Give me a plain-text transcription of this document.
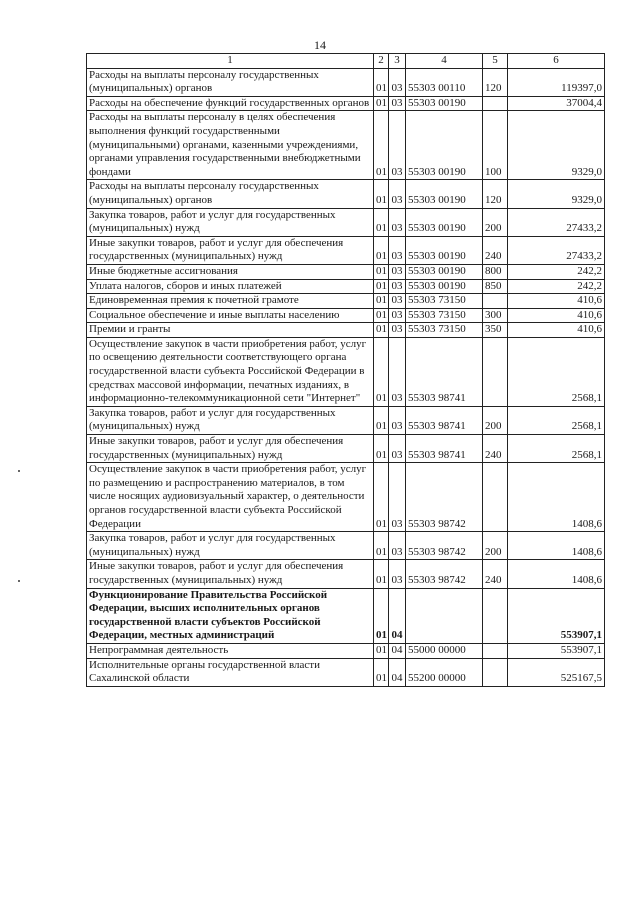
14
1	2	3	4	5	6
Расходы на выплаты персоналу государственных (муниципальных) органов	01	03	55303 00110	120	119397,0
Расходы на обеспечение функций государственных органов	01	03	55303 00190		37004,4
Расходы на выплаты персоналу в целях обеспечения выполнения функций государственными (муниципальными) органами, казенными учреждениями, органами управления государственными внебюджетными фондами	01	03	55303 00190	100	9329,0
Расходы на выплаты персоналу государственных (муниципальных) органов	01	03	55303 00190	120	9329,0
Закупка товаров, работ и услуг для государственных (муниципальных) нужд	01	03	55303 00190	200	27433,2
Иные закупки товаров, работ и услуг для обеспечения государственных (муниципальных) нужд	01	03	55303 00190	240	27433,2
Иные бюджетные ассигнования	01	03	55303 00190	800	242,2
Уплата налогов, сборов и иных платежей	01	03	55303 00190	850	242,2
Единовременная премия к почетной грамоте	01	03	55303 73150		410,6
Социальное обеспечение и иные выплаты населению	01	03	55303 73150	300	410,6
Премии и гранты	01	03	55303 73150	350	410,6
Осуществление закупок в части приобретения работ, услуг по освещению деятельности соответствующего органа государственной власти субъекта Российской Федерации в средствах массовой информации, печатных изданиях, в информационно-телекоммуникационной сети "Интернет"	01	03	55303 98741		2568,1
Закупка товаров, работ и услуг для государственных (муниципальных) нужд	01	03	55303 98741	200	2568,1
Иные закупки товаров, работ и услуг для обеспечения государственных (муниципальных) нужд	01	03	55303 98741	240	2568,1
Осуществление закупок в части приобретения работ, услуг по размещению и распространению материалов, в том числе носящих аудиовизуальный характер, о деятельности органов государственной власти субъекта Российской Федерации	01	03	55303 98742		1408,6
Закупка товаров, работ и услуг для государственных (муниципальных) нужд	01	03	55303 98742	200	1408,6
Иные закупки товаров, работ и услуг для обеспечения государственных (муниципальных) нужд	01	03	55303 98742	240	1408,6
Функционирование Правительства Российской Федерации, высших исполнительных органов государственной власти субъектов Российской Федерации, местных администраций	01	04			553907,1
Непрограммная деятельность	01	04	55000 00000		553907,1
Исполнительные органы государственной власти Сахалинской области	01	04	55200 00000		525167,5
